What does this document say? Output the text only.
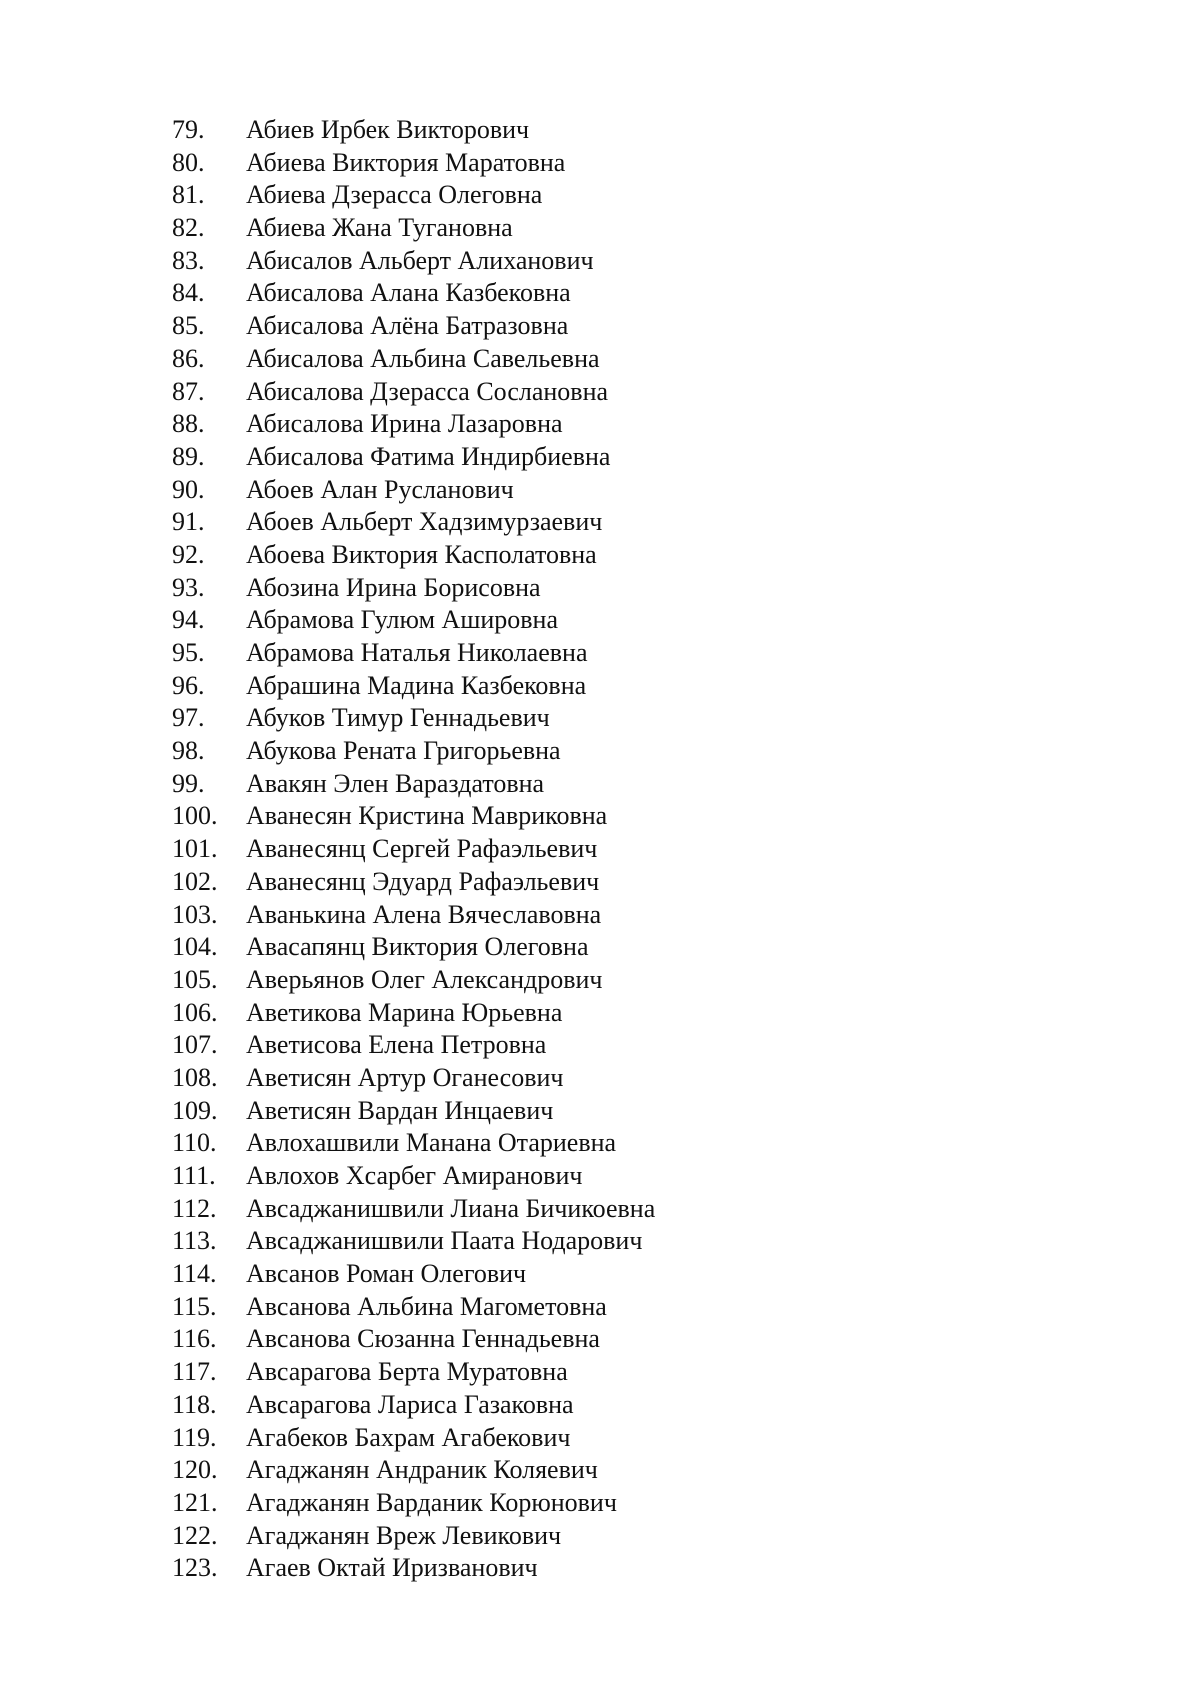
79.	Абиев Ирбек Викторович
80.	Абиева Виктория Маратовна
81.	Абиева Дзерасса Олеговна
82.	Абиева Жана Тугановна
83.	Абисалов Альберт Алиханович
84.	Абисалова Алана Казбековна
85.	Абисалова Алёна Батразовна
86.	Абисалова Альбина Савельевна
87.	Абисалова Дзерасса Сослановна
88.	Абисалова Ирина Лазаровна
89.	Абисалова Фатима Индирбиевна
90.	Абоев Алан Русланович
91.	Абоев Альберт Хадзимурзаевич
92.	Абоева Виктория Касполатовна
93.	Абозина Ирина Борисовна
94.	Абрамова Гулюм Ашировна
95.	Абрамова Наталья Николаевна
96.	Абрашина Мадина Казбековна
97.	Абуков Тимур Геннадьевич
98.	Абукова Рената Григорьевна
99.	Авакян Элен Вараздатовна
100.	Аванесян Кристина Мавриковна
101.	Аванесянц Сергей Рафаэльевич
102.	Аванесянц Эдуард Рафаэльевич
103.	Аванькина Алена Вячеславовна
104.	Авасапянц Виктория Олеговна
105.	Аверьянов Олег Александрович
106.	Аветикова Марина Юрьевна
107.	Аветисова Елена Петровна
108.	Аветисян Артур Оганесович
109.	Аветисян Вардан Инцаевич
110.	Авлохашвили Манана Отариевна
111.	Авлохов Хсарбег Амиранович
112.	Авсаджанишвили Лиана Бичикоевна
113.	Авсаджанишвили Паата Нодарович
114.	Авсанов Роман Олегович
115.	Авсанова Альбина Магометовна
116.	Авсанова Сюзанна Геннадьевна
117.	Авсарагова Берта Муратовна
118.	Авсарагова Лариса Газаковна
119.	Агабеков Бахрам Агабекович
120.	Агаджанян Андраник Коляевич
121.	Агаджанян Варданик Корюнович
122.	Агаджанян Вреж Левикович
123.	Агаев Октай Иризванович
